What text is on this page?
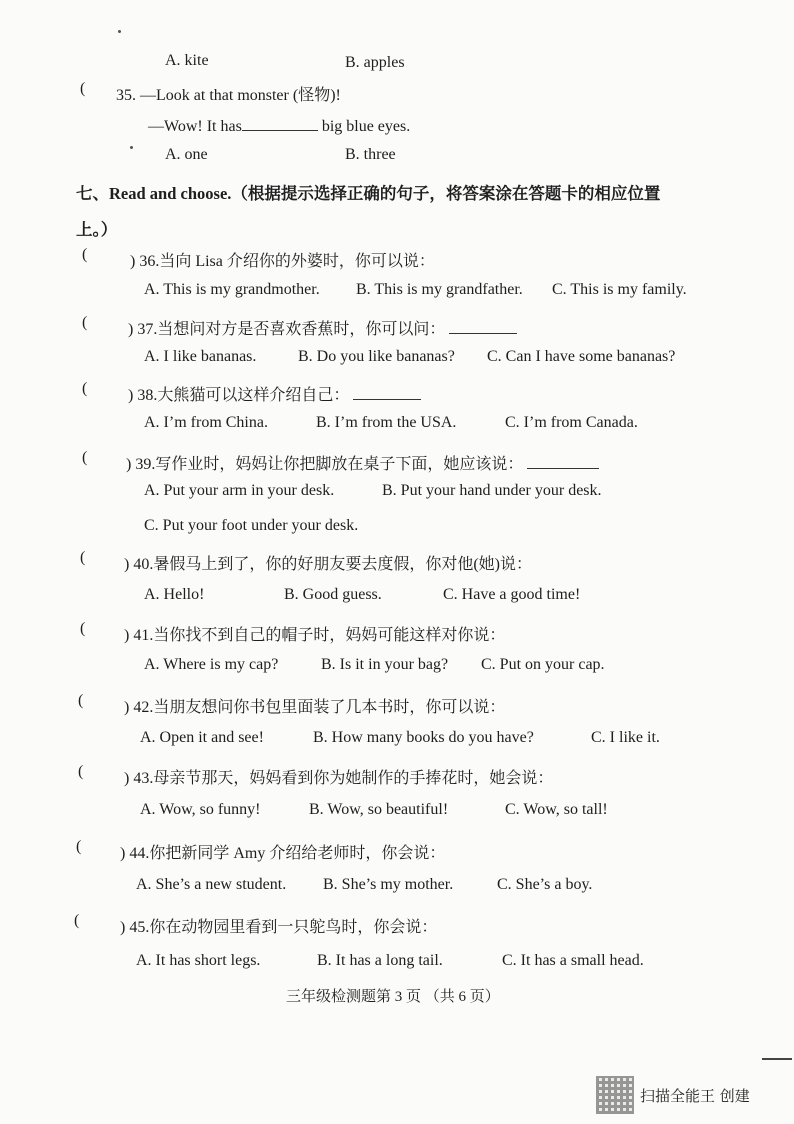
A. kite	B. apples
( 35. —Look at that monster (怪物)!
—Wow! It has	big blue eyes.
A. one	B. three
七、Read and choose.（根据提示选择正确的句子，将答案涂在答题卡的相应位置
上。）
(	) 36.当向 Lisa 介绍你的外婆时，你可以说：
A. This is my grandmother. B. This is my grandfather. C. This is my family.
(	) 37.当想问对方是否喜欢香蕉时，你可以问：
A. I like bananas.	B. Do you like bananas? C. Can I have some bananas?
(	) 38.大熊猫可以这样介绍自己：
A. I’m from China.	B. I’m from the USA.	C. I’m from Canada.
( ) 39.写作业时，妈妈让你把脚放在桌子下面，她应该说：
A. Put your arm in your desk.	B. Put your hand under your desk.
C. Put your foot under your desk.
( ) 40.暑假马上到了，你的好朋友要去度假，你对他(她)说：
A. Hello!	B. Good guess.	C. Have a good time!
( ) 41.当你找不到自己的帽子时，妈妈可能这样对你说：
A. Where is my cap?	B. Is it in your bag? C. Put on your cap.
(	) 42.当朋友想问你书包里面装了几本书时，你可以说：
A. Open it and see!	B. How many books do you have?	C. I like it.
(	) 43.母亲节那天，妈妈看到你为她制作的手捧花时，她会说：
A. Wow, so funny!	B. Wow, so beautiful!	C. Wow, so tall!
( ) 44.你把新同学 Amy 介绍给老师时，你会说：
A. She’s a new student. B. She’s my mother.	C. She’s a boy.
(	) 45.你在动物园里看到一只鸵鸟时，你会说：
A. It has short legs.	B. It has a long tail.	C. It has a small head.
三年级检测题第 3 页 （共 6 页）
扫描全能王 创建
